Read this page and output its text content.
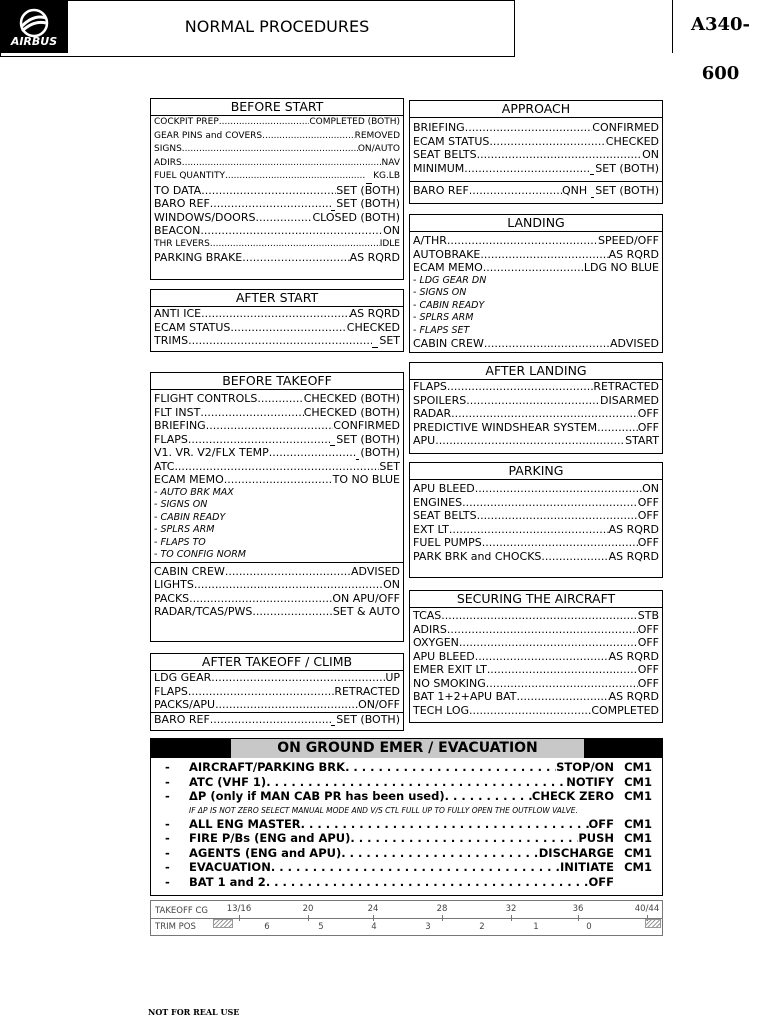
AIRBUS
NORMAL PROCEDURES	A340-600
BEFORE START
COCKPIT PREP .....	COMPLETED (BOTH)
GEAR PINS and COVERS .....	REMOVED
SIGNS .....	ON/AUTO
ADIRS .....	NAV
FUEL QUANTITY .....	KG.LB
TO DATA .....	SET (BOTH)
BARO REF .....	SET (BOTH)
WINDOWS/DOORS .....	CLOSED (BOTH)
BEACON .....	ON
THR LEVERS .....	IDLE
PARKING BRAKE .....	AS RQRD
AFTER START
ANTI ICE .....	AS RQRD
ECAM STATUS .....	CHECKED
TRIMS .....	SET
BEFORE TAKEOFF
FLIGHT CONTROLS .....	CHECKED (BOTH)
FLT INST .....	CHECKED (BOTH)
BRIEFING .....	CONFIRMED
FLAPS .....	SET (BOTH)
V1. VR. V2/FLX TEMP .....	(BOTH)
ATC .....	SET
ECAM MEMO .....	TO NO BLUE
- AUTO BRK MAX
- SIGNS ON
- CABIN READY
- SPLRS ARM
- FLAPS TO
- TO CONFIG NORM
CABIN CREW .....	ADVISED
LIGHTS .....	ON
PACKS .....	ON APU/OFF
RADAR/TCAS/PWS .....	SET & AUTO
AFTER TAKEOFF / CLIMB
LDG GEAR .....	UP
FLAPS .....	RETRACTED
PACKS/APU .....	ON/OFF
BARO REF .....	SET (BOTH)
APPROACH
BRIEFING .....	CONFIRMED
ECAM STATUS .....	CHECKED
SEAT BELTS .....	ON
MINIMUM .....	SET (BOTH)
BARO REF .....	QNH SET (BOTH)
LANDING
A/THR .....	SPEED/OFF
AUTOBRAKE .....	AS RQRD
ECAM MEMO .....	LDG NO BLUE
- LDG GEAR DN
- SIGNS ON
- CABIN READY
- SPLRS ARM
- FLAPS SET
CABIN CREW .....	ADVISED
AFTER LANDING
FLAPS .....	RETRACTED
SPOILERS .....	DISARMED
RADAR .....	OFF
PREDICTIVE WINDSHEAR SYSTEM .....	OFF
APU .....	START
PARKING
APU BLEED .....	ON
ENGINES .....	OFF
SEAT BELTS .....	OFF
EXT LT .....	AS RQRD
FUEL PUMPS .....	OFF
PARK BRK and CHOCKS .....	AS RQRD
SECURING THE AIRCRAFT
TCAS .....	STB
ADIRS .....	OFF
OXYGEN .....	OFF
APU BLEED .....	AS RQRD
EMER EXIT LT .....	OFF
NO SMOKING .....	OFF
BAT 1+2+APU BAT .....	AS RQRD
TECH LOG .....	COMPLETED
ON GROUND EMER / EVACUATION
-	AIRCRAFT/PARKING BRK . . .	STOP/ON CM1
-	ATC (VHF 1) . . .	NOTIFY CM1
-	ΔP (only if MAN CAB PR has been used) . . .	CHECK ZERO CM1
IF ΔP IS NOT ZERO SELECT MANUAL MODE AND V/S CTL FULL UP TO FULLY OPEN THE OUTFLOW VALVE.
-	ALL ENG MASTER . . .	OFF CM1
-	FIRE P/Bs (ENG and APU) . . .	PUSH CM1
-	AGENTS (ENG and APU) . . .	DISCHARGE CM1
-	EVACUATION . . .	INITIATE CM1
-	BAT 1 and 2 . . .	OFF
TAKEOFF CG
TRIM POS
13/16	20	24	28	32	36	40/44
6	5	4	3	2	1	0
NOT FOR REAL USE
